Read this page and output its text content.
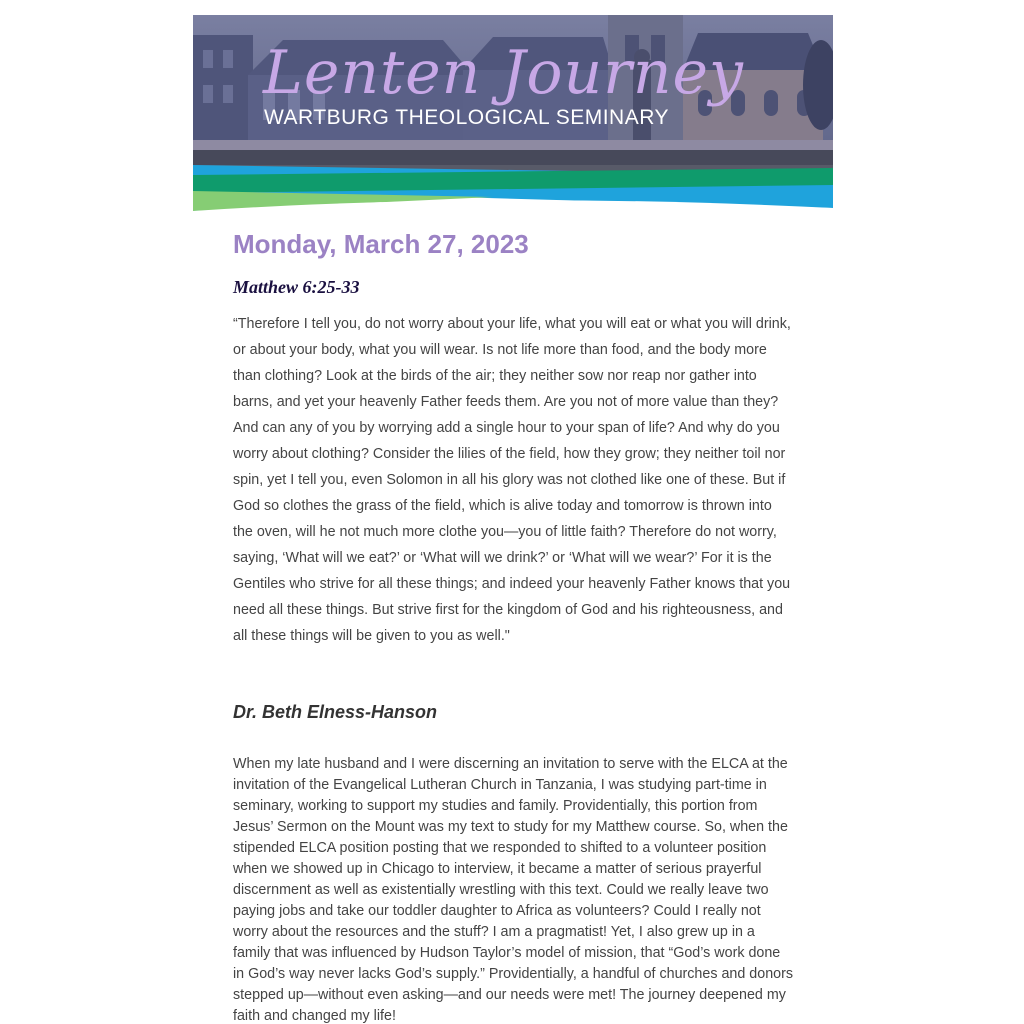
Lenten Journey
WARTBURG THEOLOGICAL SEMINARY
Monday, March 27, 2023
Matthew 6:25-33

“Therefore I tell you, do not worry about your life, what you will eat or what you will drink, or about your body, what you will wear. Is not life more than food, and the body more than clothing? Look at the birds of the air; they neither sow nor reap nor gather into barns, and yet your heavenly Father feeds them. Are you not of more value than they? And can any of you by worrying add a single hour to your span of life? And why do you worry about clothing? Consider the lilies of the field, how they grow; they neither toil nor spin, yet I tell you, even Solomon in all his glory was not clothed like one of these. But if God so clothes the grass of the field, which is alive today and tomorrow is thrown into the oven, will he not much more clothe you—you of little faith? Therefore do not worry, saying, ‘What will we eat?’ or ‘What will we drink?’ or ‘What will we wear?’ For it is the Gentiles who strive for all these things; and indeed your heavenly Father knows that you need all these things. But strive first for the kingdom of God and his righteousness, and all these things will be given to you as well."

Dr. Beth Elness-Hanson

When my late husband and I were discerning an invitation to serve with the ELCA at the invitation of the Evangelical Lutheran Church in Tanzania, I was studying part-time in seminary, working to support my studies and family. Providentially, this portion from Jesus’ Sermon on the Mount was my text to study for my Matthew course. So, when the stipended ELCA position posting that we responded to shifted to a volunteer position when we showed up in Chicago to interview, it became a matter of serious prayerful discernment as well as existentially wrestling with this text. Could we really leave two paying jobs and take our toddler daughter to Africa as volunteers? Could I really not worry about the resources and the stuff? I am a pragmatist! Yet, I also grew up in a family that was influenced by Hudson Taylor’s model of mission, that “God’s work done in God’s way never lacks God’s supply.” Providentially, a handful of churches and donors stepped up—without even asking—and our needs were met! The journey deepened my faith and changed my life!
